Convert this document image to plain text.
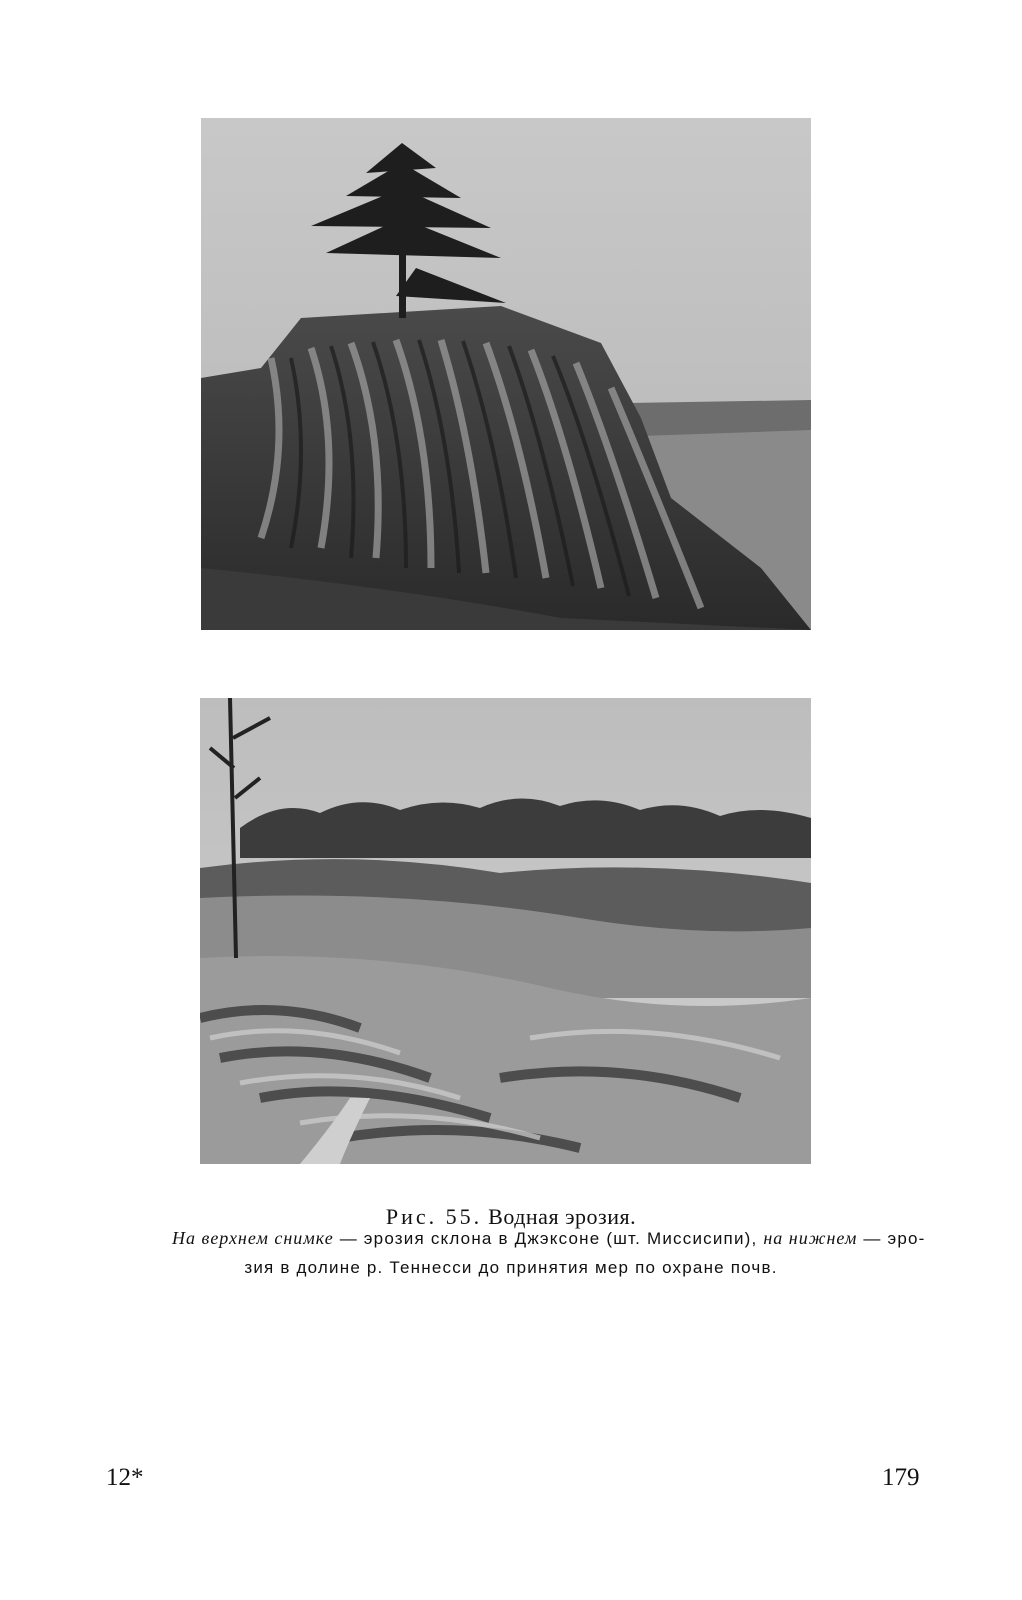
Рис. 55. Водная эрозия.
На верхнем снимке — эрозия склона в Джэксоне (шт. Миссисипи), на нижнем — эро-
зия в долине р. Теннесси до принятия мер по охране почв.
12*	179
